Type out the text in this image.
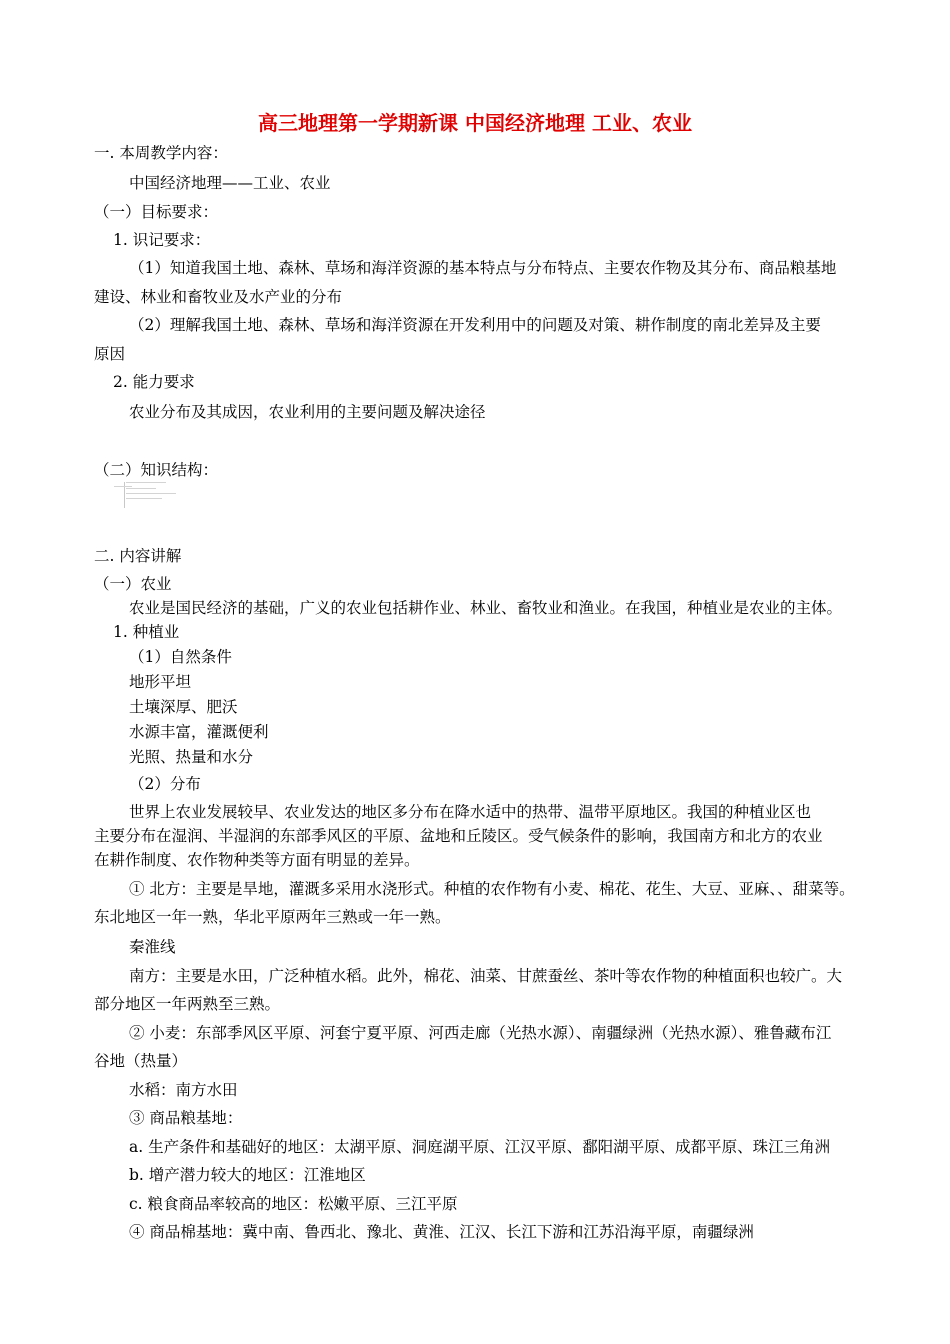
高三地理第一学期新课 中国经济地理 工业、农业
一. 本周教学内容：
中国经济地理——工业、农业
（一）目标要求：
1. 识记要求：
（1）知道我国土地、森林、草场和海洋资源的基本特点与分布特点、主要农作物及其分布、商品粮基地
建设、林业和畜牧业及水产业的分布
（2）理解我国土地、森林、草场和海洋资源在开发利用中的问题及对策、耕作制度的南北差异及主要
原因
2. 能力要求
农业分布及其成因，农业利用的主要问题及解决途径
（二）知识结构：
二. 内容讲解
（一）农业
农业是国民经济的基础，广义的农业包括耕作业、林业、畜牧业和渔业。在我国，种植业是农业的主体。
1. 种植业
（1）自然条件
地形平坦
土壤深厚、肥沃
水源丰富，灌溉便利
光照、热量和水分
（2）分布
世界上农业发展较早、农业发达的地区多分布在降水适中的热带、温带平原地区。我国的种植业区也
主要分布在湿润、半湿润的东部季风区的平原、盆地和丘陵区。受气候条件的影响，我国南方和北方的农业
在耕作制度、农作物种类等方面有明显的差异。
① 北方：主要是旱地，灌溉多采用水浇形式。种植的农作物有小麦、棉花、花生、大豆、亚麻、、甜菜等。
东北地区一年一熟，华北平原两年三熟或一年一熟。
秦淮线
南方：主要是水田，广泛种植水稻。此外，棉花、油菜、甘蔗蚕丝、茶叶等农作物的种植面积也较广。大
部分地区一年两熟至三熟。
② 小麦：东部季风区平原、河套宁夏平原、河西走廊（光热水源）、南疆绿洲（光热水源）、雅鲁藏布江
谷地（热量）
水稻：南方水田
③ 商品粮基地：
a. 生产条件和基础好的地区：太湖平原、洞庭湖平原、江汉平原、鄱阳湖平原、成都平原、珠江三角洲
b. 增产潜力较大的地区：江淮地区
c. 粮食商品率较高的地区：松嫩平原、三江平原
④ 商品棉基地：冀中南、鲁西北、豫北、黄淮、江汉、长江下游和江苏沿海平原，南疆绿洲
